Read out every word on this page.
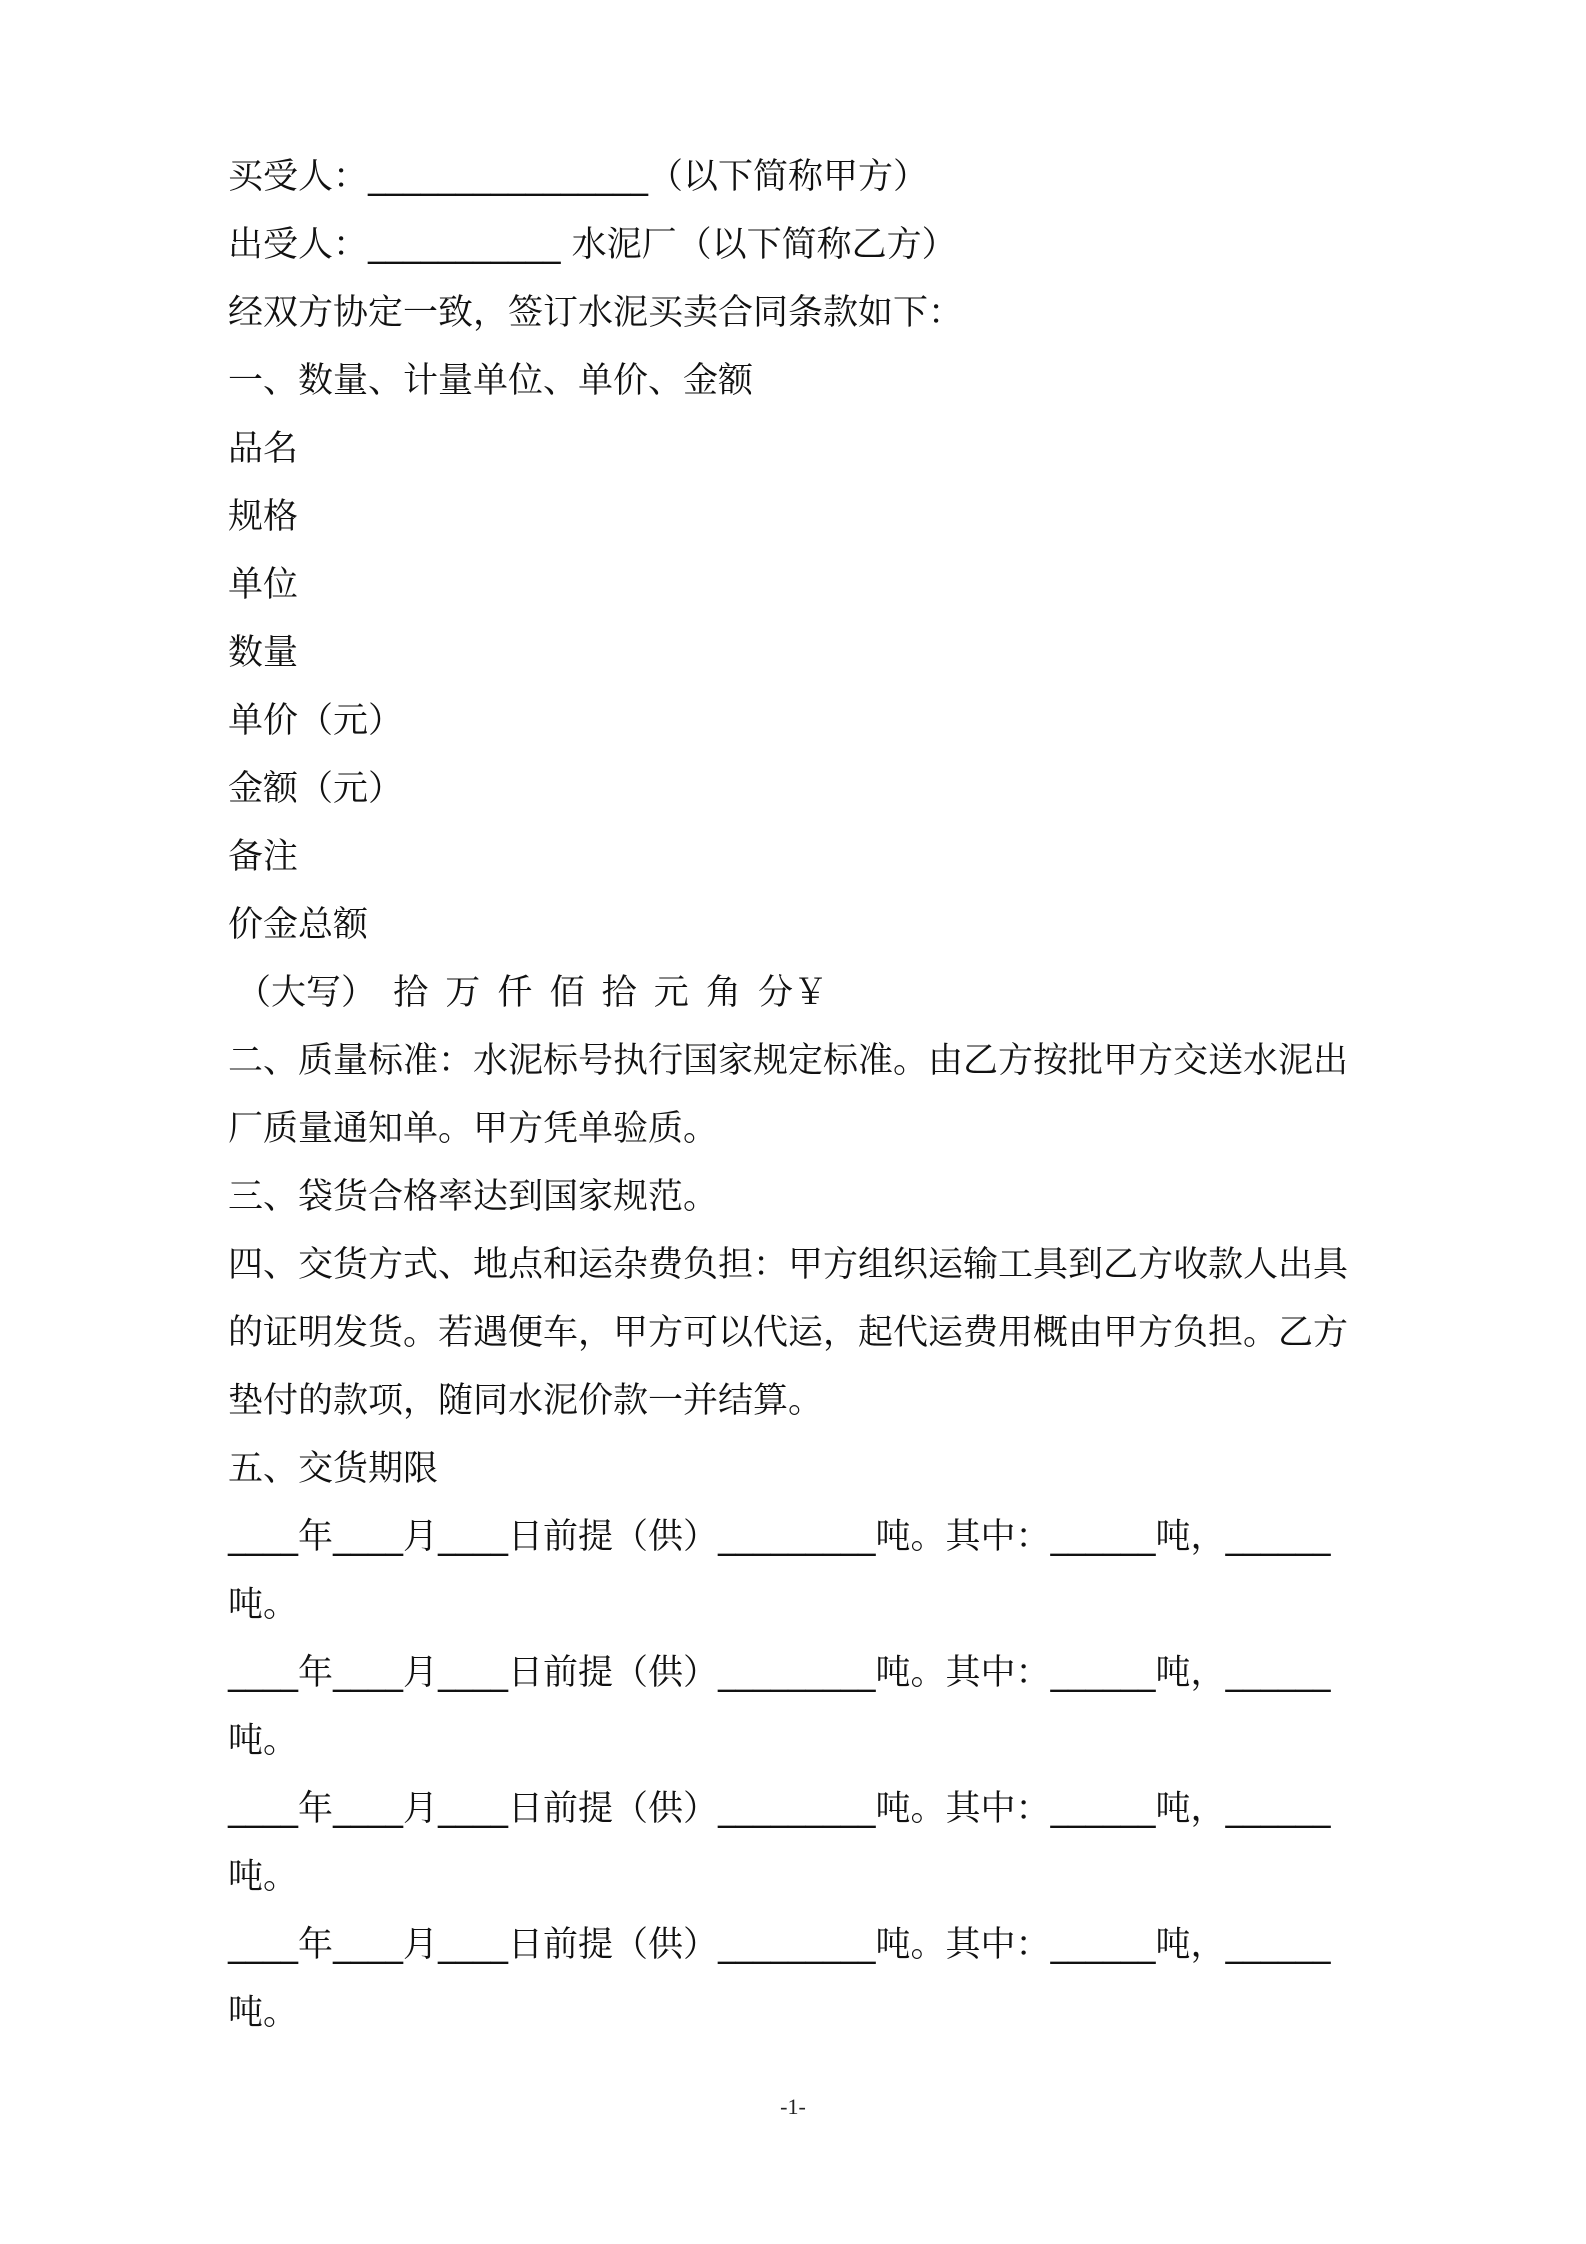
买受人：________________（以下简称甲方）
出受人：___________ 水泥厂（以下简称乙方）
经双方协定一致，签订水泥买卖合同条款如下：
一、数量、计量单位、单价、金额
品名
规格
单位
数量
单价（元）
金额（元）
备注
价金总额
（大写） 拾 万 仟 佰 拾 元 角 分￥
二、质量标准：水泥标号执行国家规定标准。由乙方按批甲方交送水泥出
厂质量通知单。甲方凭单验质。
三、袋货合格率达到国家规范。
四、交货方式、地点和运杂费负担：甲方组织运输工具到乙方收款人出具
的证明发货。若遇便车，甲方可以代运，起代运费用概由甲方负担。乙方
垫付的款项，随同水泥价款一并结算。
五、交货期限
____年____月____日前提（供）_________吨。其中：______吨，______
吨。
____年____月____日前提（供）_________吨。其中：______吨，______
吨。
____年____月____日前提（供）_________吨。其中：______吨，______
吨。
____年____月____日前提（供）_________吨。其中：______吨，______
吨。
-1-
